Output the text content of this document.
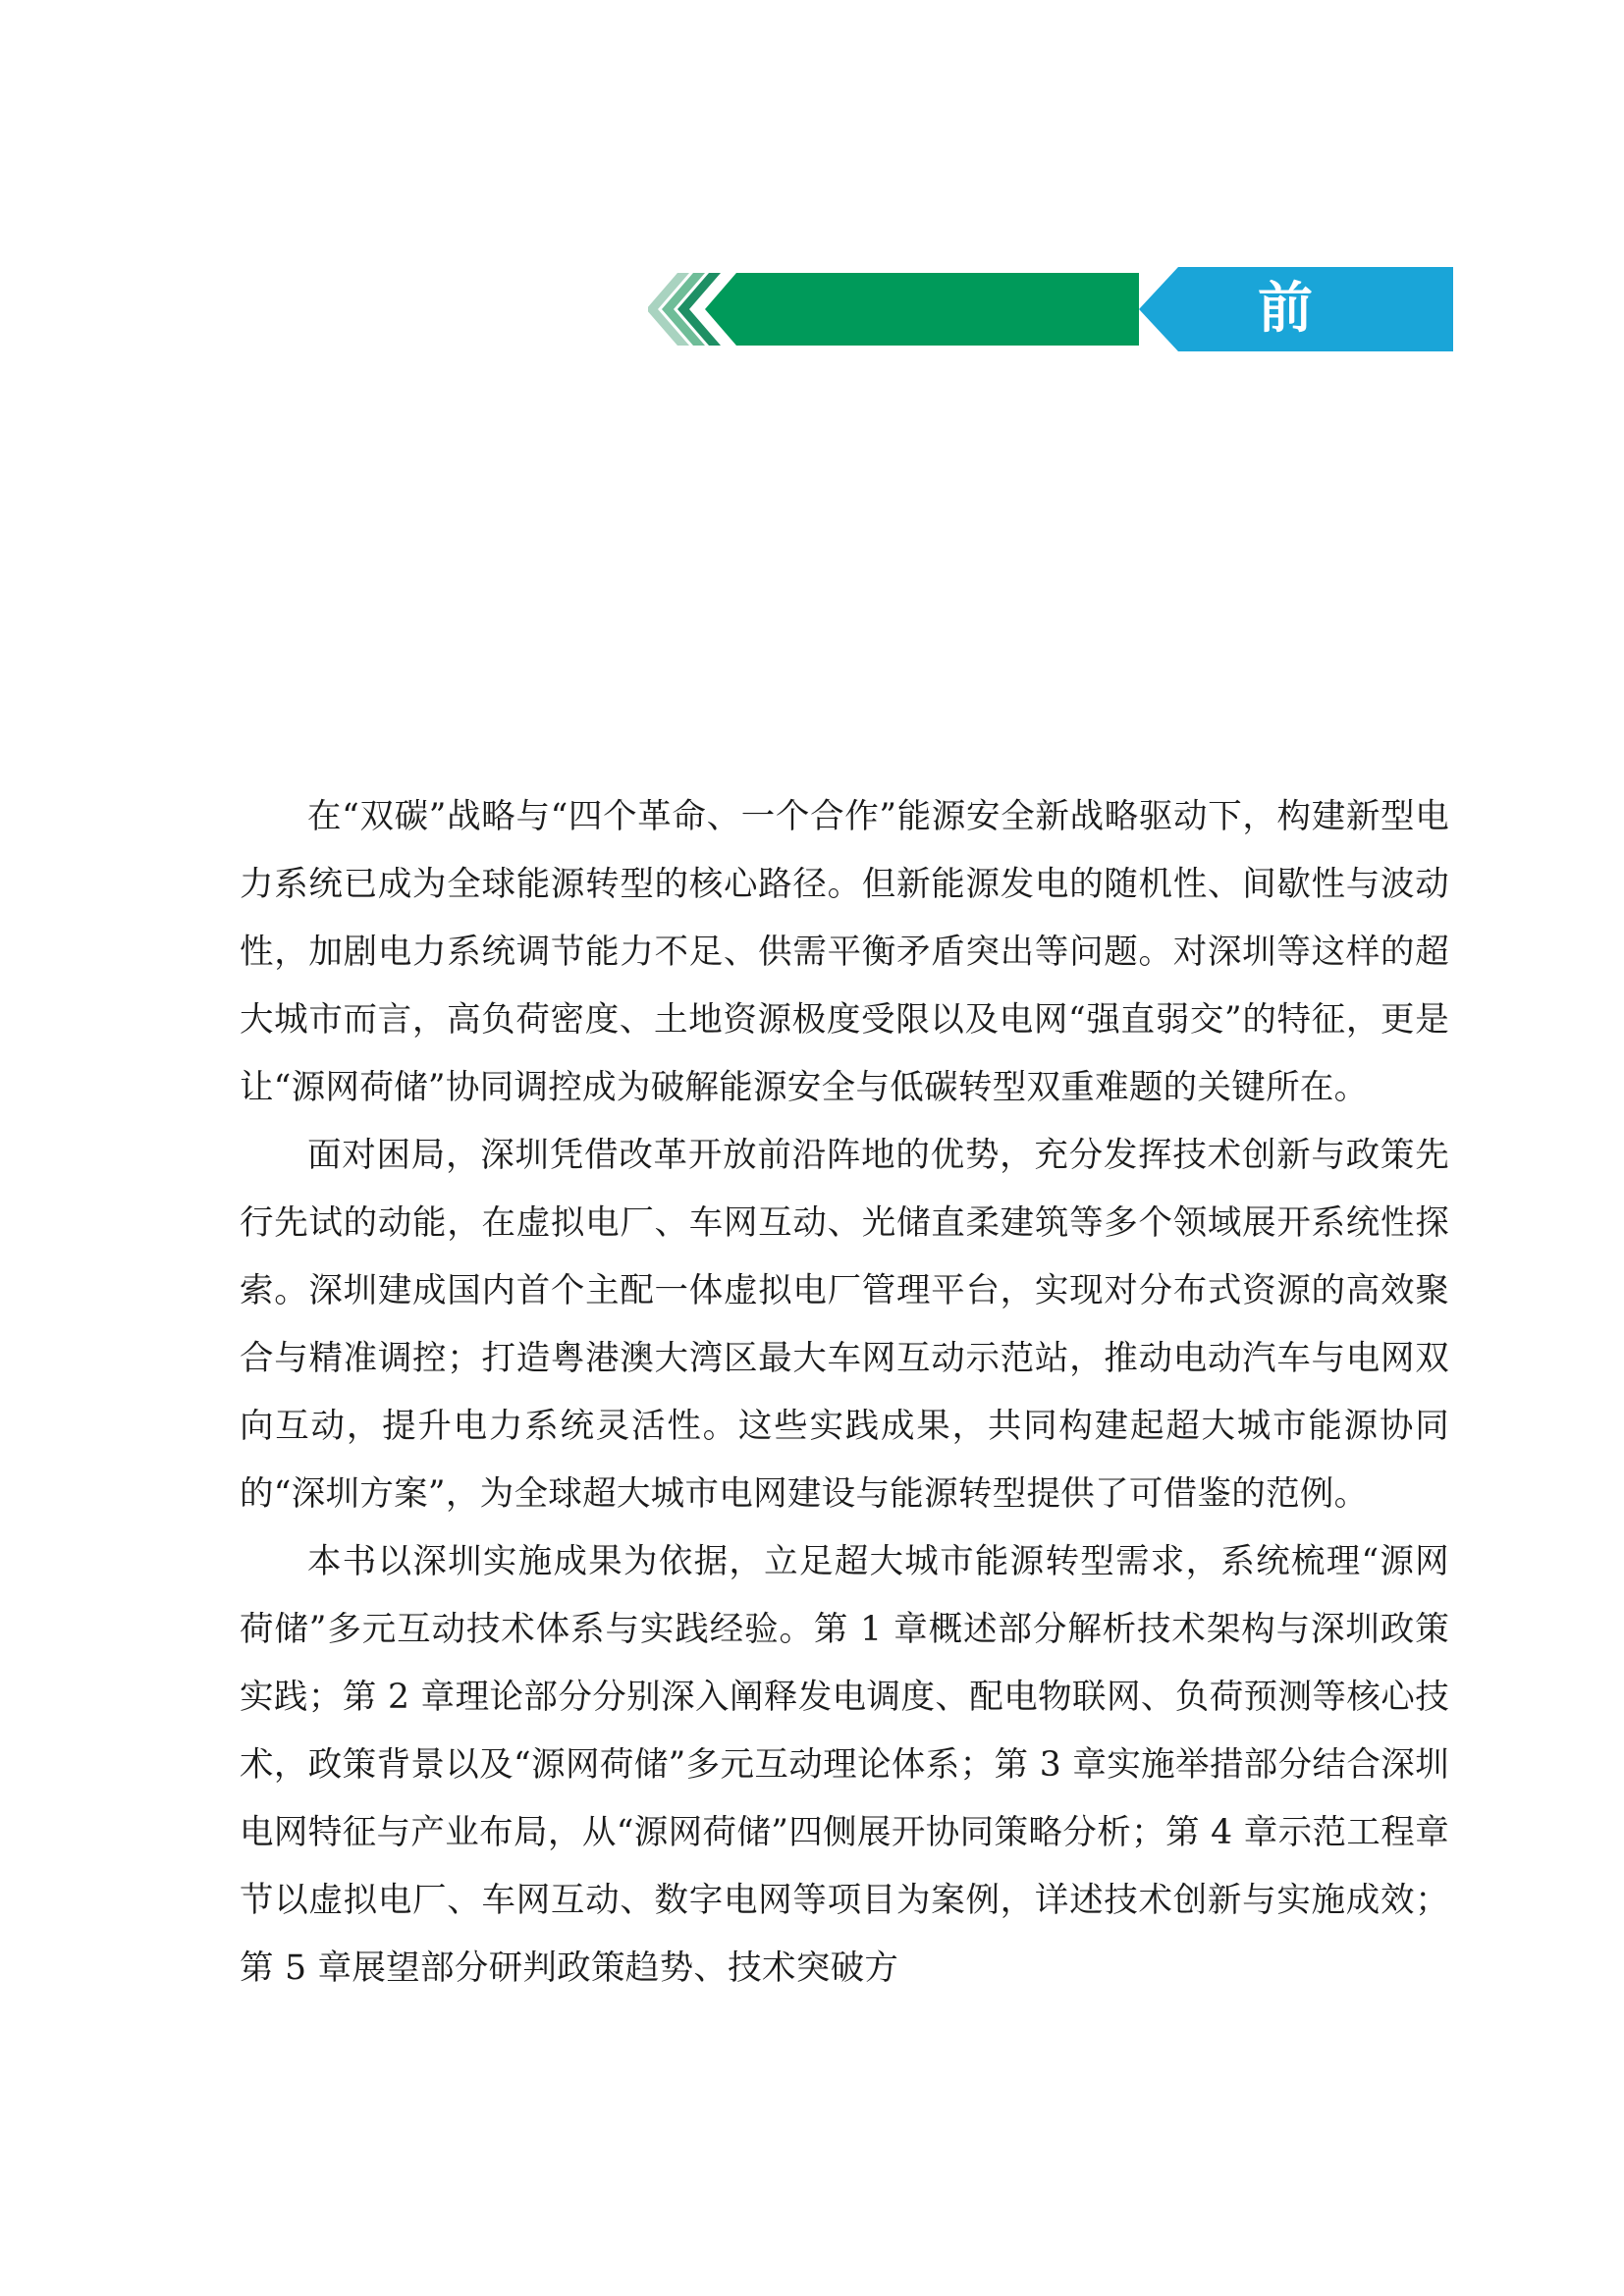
前 言

在“双碳”战略与“四个革命、一个合作”能源安全新战略驱动下，构建新型电力系统已成为全球能源转型的核心路径。但新能源发电的随机性、间歇性与波动性，加剧电力系统调节能力不足、供需平衡矛盾突出等问题。对深圳等这样的超大城市而言，高负荷密度、土地资源极度受限以及电网“强直弱交”的特征，更是让“源网荷储”协同调控成为破解能源安全与低碳转型双重难题的关键所在。

面对困局，深圳凭借改革开放前沿阵地的优势，充分发挥技术创新与政策先行先试的动能，在虚拟电厂、车网互动、光储直柔建筑等多个领域展开系统性探索。深圳建成国内首个主配一体虚拟电厂管理平台，实现对分布式资源的高效聚合与精准调控；打造粤港澳大湾区最大车网互动示范站，推动电动汽车与电网双向互动，提升电力系统灵活性。这些实践成果，共同构建起超大城市能源协同的“深圳方案”，为全球超大城市电网建设与能源转型提供了可借鉴的范例。

本书以深圳实施成果为依据，立足超大城市能源转型需求，系统梳理“源网荷储”多元互动技术体系与实践经验。第 1 章概述部分解析技术架构与深圳政策实践；第 2 章理论部分分别深入阐释发电调度、配电物联网、负荷预测等核心技术，政策背景以及“源网荷储”多元互动理论体系；第 3 章实施举措部分结合深圳电网特征与产业布局，从“源网荷储”四侧展开协同策略分析；第 4 章示范工程章节以虚拟电厂、车网互动、数字电网等项目为案例，详述技术创新与实施成效；第 5 章展望部分研判政策趋势、技术突破方
